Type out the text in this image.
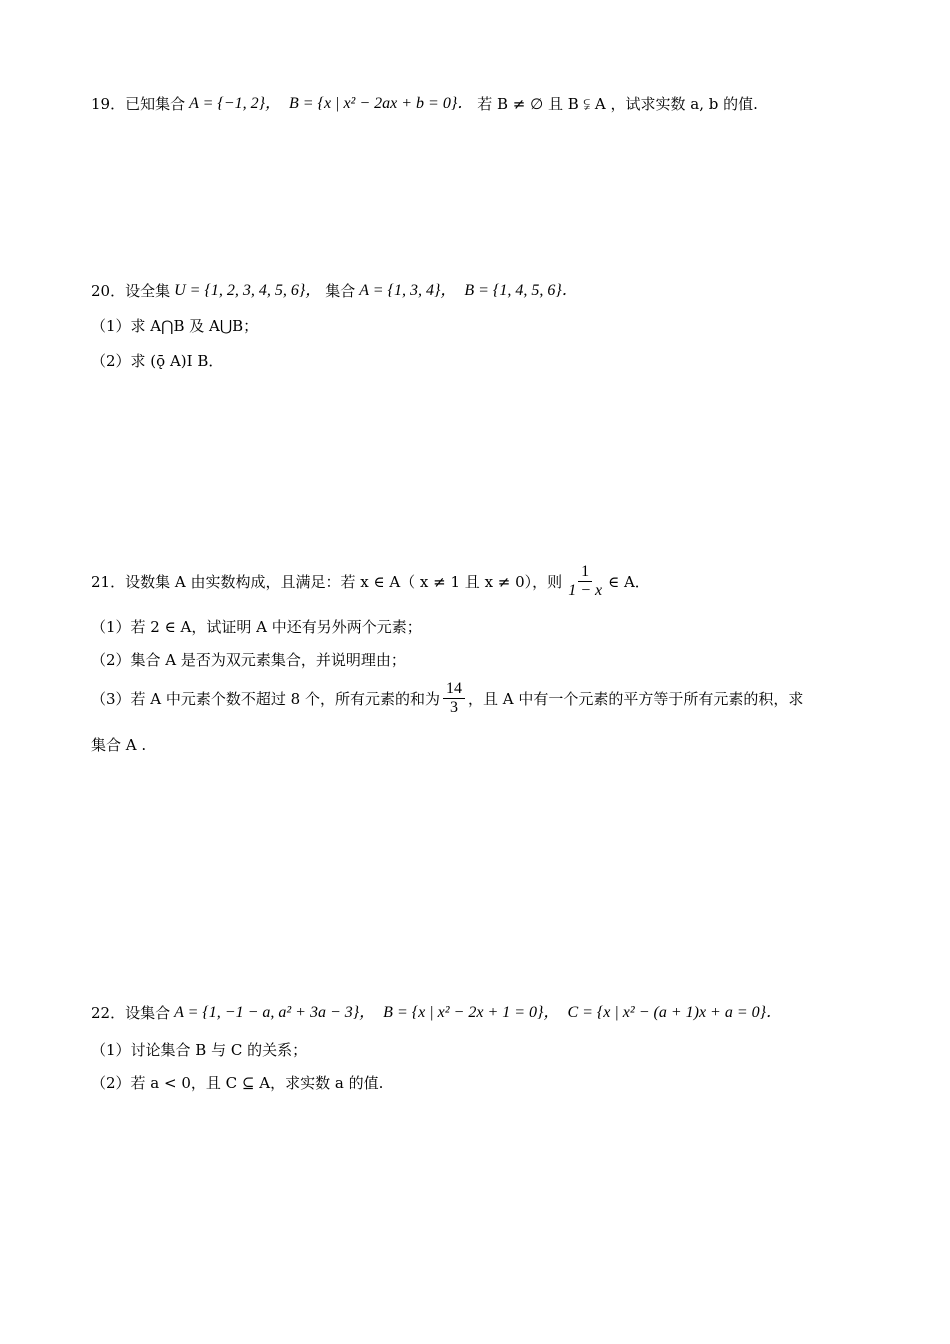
19．已知集合 A = {−1, 2}， B = {x | x² − 2ax + b = 0}． 若 B ≠ ∅ 且 B ⫋ A ，试求实数 a, b 的值.
20．设全集 U = {1, 2, 3, 4, 5, 6}， 集合 A = {1, 3, 4}， B = {1, 4, 5, 6}．
（1）求 A⋂B 及 A⋃B；
（2）求 (ǭ A)Ⅰ B．
21．设数集 A 由实数构成，且满足：若 x ∈ A（ x ≠ 1 且 x ≠ 0），则 $\frac{1}{1 - x}$ ∈ A．
（1）若 2 ∈ A，试证明 A 中还有另外两个元素；
（2）集合 A 是否为双元素集合，并说明理由；
（3）若 A 中元素个数不超过 8 个，所有元素的和为 $\frac{14}{3}$ ，且 A 中有一个元素的平方等于所有元素的积，求
集合 A .
22．设集合 A = {1, −1 − a, a² + 3a − 3}， B = {x | x² − 2x + 1 = 0}， C = {x | x² − (a + 1)x + a = 0}．
（1）讨论集合 B 与 C 的关系；
（2）若 a < 0，且 C ⊆ A，求实数 a 的值.
